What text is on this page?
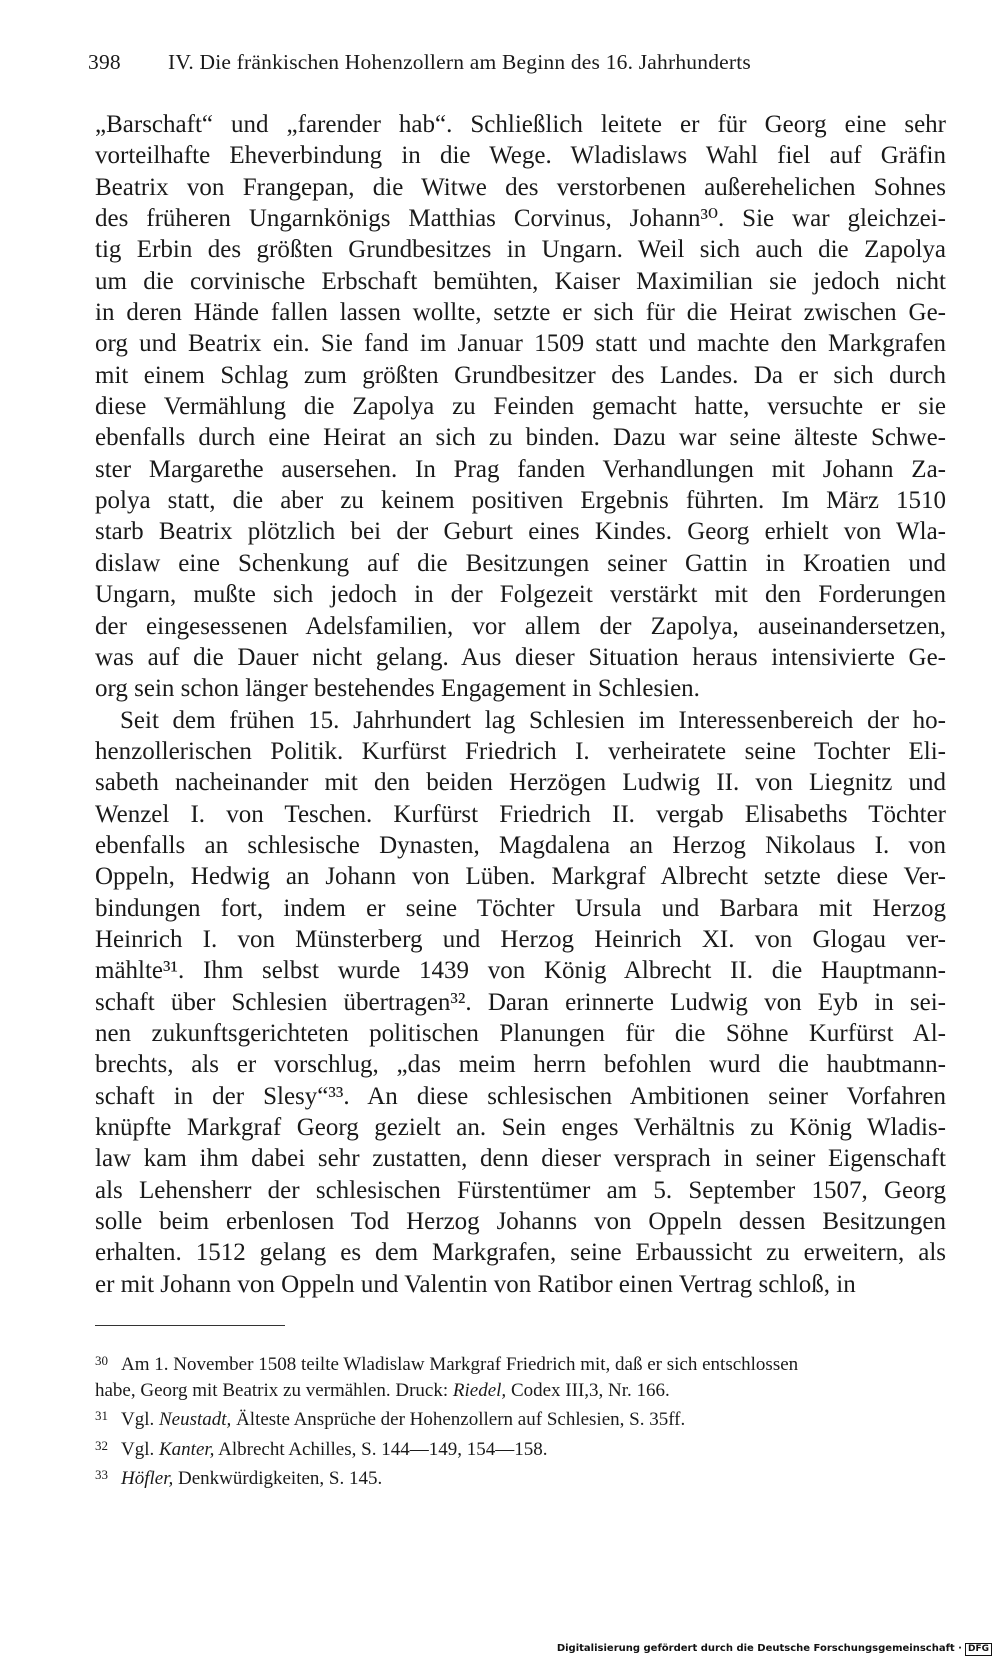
398 IV. Die fränkischen Hohenzollern am Beginn des 16. Jahrhunderts
„Barschaft“ und „farender hab“. Schließlich leitete er für Georg eine sehr
vorteilhafte Eheverbindung in die Wege. Wladislaws Wahl fiel auf Gräfin
Beatrix von Frangepan, die Witwe des verstorbenen außerehelichen Sohnes
des früheren Ungarnkönigs Matthias Corvinus, Johann³⁰. Sie war gleichzei-
tig Erbin des größten Grundbesitzes in Ungarn. Weil sich auch die Zapolya
um die corvinische Erbschaft bemühten, Kaiser Maximilian sie jedoch nicht
in deren Hände fallen lassen wollte, setzte er sich für die Heirat zwischen Ge-
org und Beatrix ein. Sie fand im Januar 1509 statt und machte den Markgrafen
mit einem Schlag zum größten Grundbesitzer des Landes. Da er sich durch
diese Vermählung die Zapolya zu Feinden gemacht hatte, versuchte er sie
ebenfalls durch eine Heirat an sich zu binden. Dazu war seine älteste Schwe-
ster Margarethe ausersehen. In Prag fanden Verhandlungen mit Johann Za-
polya statt, die aber zu keinem positiven Ergebnis führten. Im März 1510
starb Beatrix plötzlich bei der Geburt eines Kindes. Georg erhielt von Wla-
dislaw eine Schenkung auf die Besitzungen seiner Gattin in Kroatien und
Ungarn, mußte sich jedoch in der Folgezeit verstärkt mit den Forderungen
der eingesessenen Adelsfamilien, vor allem der Zapolya, auseinandersetzen,
was auf die Dauer nicht gelang. Aus dieser Situation heraus intensivierte Ge-
org sein schon länger bestehendes Engagement in Schlesien.
Seit dem frühen 15. Jahrhundert lag Schlesien im Interessenbereich der ho-
henzollerischen Politik. Kurfürst Friedrich I. verheiratete seine Tochter Eli-
sabeth nacheinander mit den beiden Herzögen Ludwig II. von Liegnitz und
Wenzel I. von Teschen. Kurfürst Friedrich II. vergab Elisabeths Töchter
ebenfalls an schlesische Dynasten, Magdalena an Herzog Nikolaus I. von
Oppeln, Hedwig an Johann von Lüben. Markgraf Albrecht setzte diese Ver-
bindungen fort, indem er seine Töchter Ursula und Barbara mit Herzog
Heinrich I. von Münsterberg und Herzog Heinrich XI. von Glogau ver-
mählte³¹. Ihm selbst wurde 1439 von König Albrecht II. die Hauptmann-
schaft über Schlesien übertragen³². Daran erinnerte Ludwig von Eyb in sei-
nen zukunftsgerichteten politischen Planungen für die Söhne Kurfürst Al-
brechts, als er vorschlug, „das meim herrn befohlen wurd die haubtmann-
schaft in der Slesy“³³. An diese schlesischen Ambitionen seiner Vorfahren
knüpfte Markgraf Georg gezielt an. Sein enges Verhältnis zu König Wladis-
law kam ihm dabei sehr zustatten, denn dieser versprach in seiner Eigenschaft
als Lehensherr der schlesischen Fürstentümer am 5. September 1507, Georg
solle beim erbenlosen Tod Herzog Johanns von Oppeln dessen Besitzungen
erhalten. 1512 gelang es dem Markgrafen, seine Erbaussicht zu erweitern, als
er mit Johann von Oppeln und Valentin von Ratibor einen Vertrag schloß, in
30 Am 1. November 1508 teilte Wladislaw Markgraf Friedrich mit, daß er sich entschlossen
habe, Georg mit Beatrix zu vermählen. Druck: Riedel, Codex III,3, Nr. 166.
31 Vgl. Neustadt, Älteste Ansprüche der Hohenzollern auf Schlesien, S. 35ff.
32 Vgl. Kanter, Albrecht Achilles, S. 144—149, 154—158.
33 Höfler, Denkwürdigkeiten, S. 145.
Digitalisierung gefördert durch die Deutsche Forschungsgemeinschaft · DFG
